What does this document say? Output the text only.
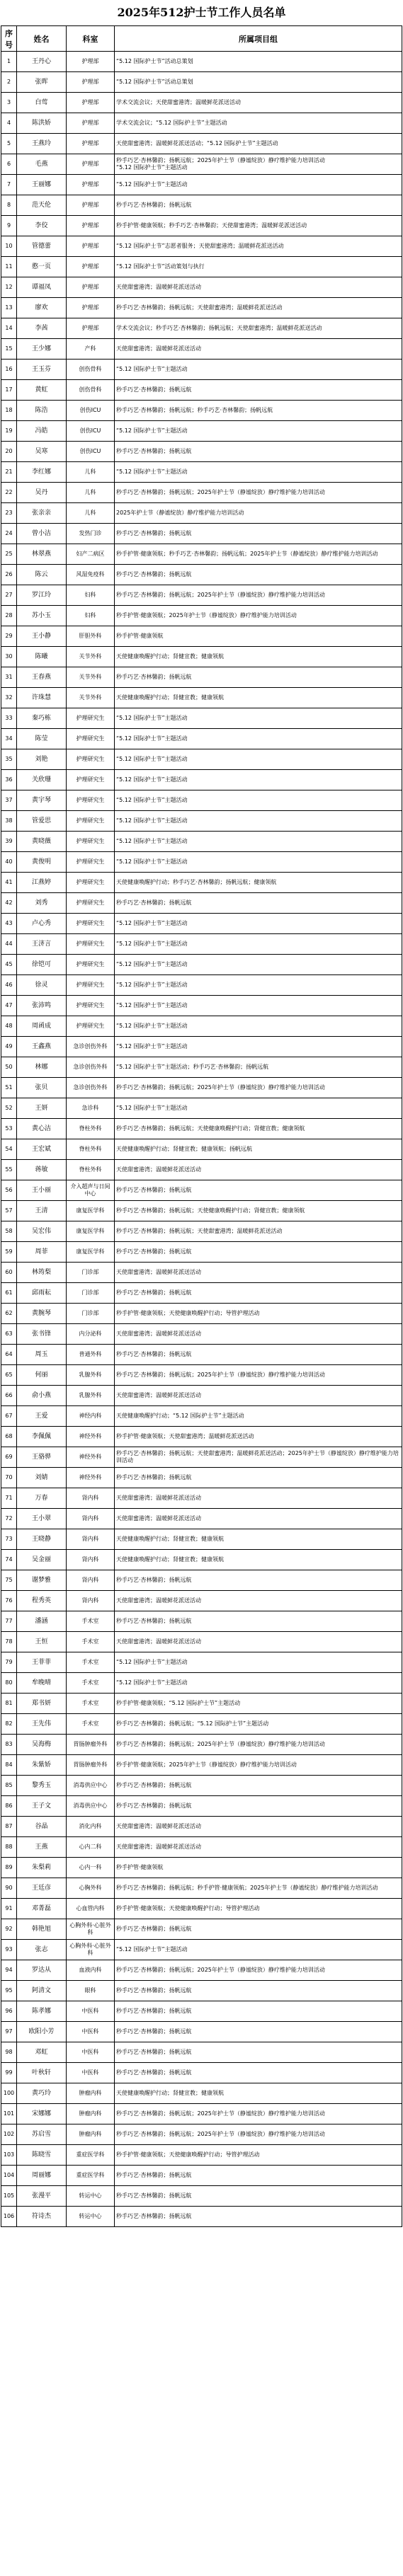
2025年512护士节工作人员名单
序号	姓名	科室	所属项目组
1	王丹心	护理部	“5.12 国际护士节”活动总策划
2	张晖	护理部	“5.12 国际护士节”活动总策划
3	白莺	护理部	学术交流会议；天使甜蜜港湾；温暖鲜花派送活动
4	陈洪娇	护理部	学术交流会议；“5.12 国际护士节”主题活动
5	王燕玲	护理部	天使甜蜜港湾；温暖鲜花派送活动；“5.12 国际护士节”主题活动
6	毛燕	护理部	秒手巧艺·杏林馨韵；扬帆远航；2025年护士节（静谧绽放）静疗维护能力培训活动
“5.12 国际护士节”主题活动
7	王丽娜	护理部	“5.12 国际护士节”主题活动
8	范天伦	护理部	秒手巧艺·杏林馨韵；扬帆远航
9	李佼	护理部	秒手护管·健康领航；秒手巧艺·杏林馨韵；天使甜蜜港湾；温暖鲜花派送活动
10	管德蕾	护理部	“5.12 国际护士节”志愿者服务；天使甜蜜港湾；温暖鲜花派送活动
11	憨一页	护理部	“5.12 国际护士节”活动策划与执行
12	谭福凤	护理部	天使甜蜜港湾；温暖鲜花派送活动
13	廖欢	护理部	秒手巧艺·杏林馨韵；扬帆远航；天使甜蜜港湾；温暖鲜花派送活动
14	李茜	护理部	学术交流会议；秒手巧艺·杏林馨韵；扬帆远航；天使甜蜜港湾；温暖鲜花派送活动
15	王少娜	产科	天使甜蜜港湾；温暖鲜花派送活动
16	王玉芬	创伤骨科	“5.12 国际护士节”主题活动
17	黄虹	创伤骨科	秒手巧艺·杏林馨韵；扬帆远航
18	陈浩	创伤ICU	秒手巧艺·杏林馨韵；扬帆远航；秒手巧艺·杏林馨韵；扬帆远航
19	冯皓	创伤ICU	“5.12 国际护士节”主题活动
20	吴寒	创伤ICU	秒手巧艺·杏林馨韵；扬帆远航
21	李红娜	儿科	“5.12 国际护士节”主题活动
22	吴丹	儿科	秒手巧艺·杏林馨韵；扬帆远航；2025年护士节（静谧绽放）静疗维护能力培训活动
23	张亲亲	儿科	2025年护士节（静谧绽放）静疗维护能力培训活动
24	曾小洁	发热门诊	秒手巧艺·杏林馨韵；扬帆远航
25	林翠燕	妇产二病区	秒手护管·健康领航；秒手巧艺·杏林馨韵；扬帆远航；2025年护士节（静谧绽放）静疗维护能力培训活动
26	陈云	风湿免疫科	秒手巧艺·杏林馨韵；扬帆远航
27	罗江玲	妇科	秒手巧艺·杏林馨韵；扬帆远航；2025年护士节（静谧绽放）静疗维护能力培训活动
28	苏小玉	妇科	秒手护管·健康领航；2025年护士节（静谧绽放）静疗维护能力培训活动
29	王小静	肝胆外科	秒手护管·健康领航
30	陈曦	关节外科	天使健康唤醒护行动；肾健宣教；健康领航
31	王春燕	关节外科	秒手巧艺·杏林馨韵；扬帆远航
32	许珠慧	关节外科	天使健康唤醒护行动；肾健宣教；健康领航
33	秦巧栋	护理研究生	“5.12 国际护士节”主题活动
34	陈莹	护理研究生	“5.12 国际护士节”主题活动
35	刘艳	护理研究生	“5.12 国际护士节”主题活动
36	关欣珊	护理研究生	“5.12 国际护士节”主题活动
37	黄宇琴	护理研究生	“5.12 国际护士节”主题活动
38	管爱思	护理研究生	“5.12 国际护士节”主题活动
39	黄晓薇	护理研究生	“5.12 国际护士节”主题活动
40	黄俊明	护理研究生	“5.12 国际护士节”主题活动
41	江燕婷	护理研究生	天使健康唤醒护行动；秒手巧艺·杏林馨韵；扬帆远航；健康领航
42	刘秀	护理研究生	秒手巧艺·杏林馨韵；扬帆远航
43	卢心秀	护理研究生	“5.12 国际护士节”主题活动
44	王济言	护理研究生	“5.12 国际护士节”主题活动
45	徐铠可	护理研究生	“5.12 国际护士节”主题活动
46	徐灵	护理研究生	“5.12 国际护士节”主题活动
47	张沛鸣	护理研究生	“5.12 国际护士节”主题活动
48	周函成	护理研究生	“5.12 国际护士节”主题活动
49	王鑫燕	急诊创伤外科	“5.12 国际护士节”主题活动
50	林娜	急诊创伤外科	“5.12 国际护士节”主题活动；秒手巧艺·杏林馨韵；扬帆远航
51	张贝	急诊创伤外科	秒手巧艺·杏林馨韵；扬帆远航；2025年护士节（静谧绽放）静疗维护能力培训活动
52	王妍	急诊科	“5.12 国际护士节”主题活动
53	黄心洁	脊柱外科	秒手巧艺·杏林馨韵；扬帆远航；天使健康唤醒护行动；肾健宣教；健康领航
54	王宏斌	脊柱外科	天使健康唤醒护行动；肾健宣教；健康领航；扬帆远航
55	蒋敏	脊柱外科	天使甜蜜港湾；温暖鲜花派送活动
56	王小丽	介入超声与日间中心	秒手巧艺·杏林馨韵；扬帆远航
57	王清	康复医学科	秒手巧艺·杏林馨韵；扬帆远航；天使健康唤醒护行动；肾健宣教；健康领航
58	吴宏伟	康复医学科	秒手巧艺·杏林馨韵；扬帆远航；天使甜蜜港湾；温暖鲜花派送活动
59	周菲	康复医学科	秒手巧艺·杏林馨韵；扬帆远航
60	林筠梨	门诊部	天使甜蜜港湾；温暖鲜花派送活动
61	邱雨耘	门诊部	秒手巧艺·杏林馨韵；扬帆远航
62	黄腕琴	门诊部	秒手护管·健康领航；天使健康唤醒护行动；导管护理活动
63	张书锋	内分泌科	天使甜蜜港湾；温暖鲜花派送活动
64	周玉	普通外科	秒手巧艺·杏林馨韵；扬帆远航
65	何丽	乳腺外科	秒手巧艺·杏林馨韵；扬帆远航；2025年护士节（静谧绽放）静疗维护能力培训活动
66	俞小燕	乳腺外科	天使甜蜜港湾；温暖鲜花派送活动
67	王爱	神经内科	天使健康唤醒护行动；“5.12 国际护士节”主题活动
68	李佩佩	神经外科	秒手护管·健康领航；天使甜蜜港湾；温暖鲜花派送活动
69	王骆骅	神经外科	秒手巧艺·杏林馨韵；扬帆远航；天使甜蜜港湾；温暖鲜花派送活动；2025年护士节（静谧绽放）静疗维护能力培训活动
70	刘婧	神经外科	秒手巧艺·杏林馨韵；扬帆远航
71	万春	肾内科	天使甜蜜港湾；温暖鲜花派送活动
72	王小翠	肾内科	天使甜蜜港湾；温暖鲜花派送活动
73	王晓静	肾内科	天使健康唤醒护行动；肾健宣教；健康领航
74	吴金丽	肾内科	天使健康唤醒护行动；肾健宣教；健康领航
75	谢梦雅	肾内科	秒手巧艺·杏林馨韵；扬帆远航
76	程秀英	肾内科	天使甜蜜港湾；温暖鲜花派送活动
77	潘涵	手术室	秒手巧艺·杏林馨韵；扬帆远航
78	王恒	手术室	天使甜蜜港湾；温暖鲜花派送活动
79	王菲菲	手术室	“5.12 国际护士节”主题活动
80	牟晚晴	手术室	“5.12 国际护士节”主题活动
81	郑书妍	手术室	秒手护管·健康领航；“5.12 国际护士节”主题活动
82	王先伟	手术室	秒手巧艺·杏林馨韵；扬帆远航；“5.12 国际护士节”主题活动
83	吴海梅	胃肠肿瘤外科	秒手巧艺·杏林馨韵；扬帆远航；2025年护士节（静谧绽放）静疗维护能力培训活动
84	朱紫娇	胃肠肿瘤外科	秒手护管·健康领航；2025年护士节（静谧绽放）静疗维护能力培训活动
85	黎秀玉	消毒供应中心	秒手巧艺·杏林馨韵；扬帆远航
86	王子文	消毒供应中心	秒手巧艺·杏林馨韵；扬帆远航
87	谷晶	消化内科	天使甜蜜港湾；温暖鲜花派送活动
88	王燕	心内二科	天使甜蜜港湾；温暖鲜花派送活动
89	朱梨莉	心内一科	秒手护管·健康领航
90	王廷彦	心胸外科	秒手巧艺·杏林馨韵；扬帆远航；秒手护管·健康领航；2025年护士节（静谧绽放）静疗维护能力培训活动
91	邓菁磊	心血管内科	秒手护管·健康领航；天使健康唤醒护行动；导管护理活动
92	韩艳旭	心胸外科·心脏外科	秒手巧艺·杏林馨韵；扬帆远航
93	张志	心胸外科·心脏外科	“5.12 国际护士节”主题活动
94	罗达从	血液内科	秒手巧艺·杏林馨韵；扬帆远航；2025年护士节（静谧绽放）静疗维护能力培训活动
95	阿清文	眼科	秒手巧艺·杏林馨韵；扬帆远航
96	陈孝娜	中医科	秒手巧艺·杏林馨韵；扬帆远航
97	欧阳小芳	中医科	秒手巧艺·杏林馨韵；扬帆远航
98	邓虹	中医科	秒手巧艺·杏林馨韵；扬帆远航
99	叶秋轩	中医科	秒手巧艺·杏林馨韵；扬帆远航
100	黄巧玲	肿瘤内科	天使健康唤醒护行动；肾健宣教；健康领航
101	宋娜娜	肿瘤内科	秒手巧艺·杏林馨韵；扬帆远航；2025年护士节（静谧绽放）静疗维护能力培训活动
102	苏启雪	肿瘤内科	秒手巧艺·杏林馨韵；扬帆远航；2025年护士节（静谧绽放）静疗维护能力培训活动
103	陈晓雪	重症医学科	秒手护管·健康领航；天使健康唤醒护行动；导管护理活动
104	周丽娜	重症医学科	秒手巧艺·杏林馨韵；扬帆远航
105	张漫平	转运中心	秒手巧艺·杏林馨韵；扬帆远航
106	符诗杰	转运中心	秒手巧艺·杏林馨韵；扬帆远航
